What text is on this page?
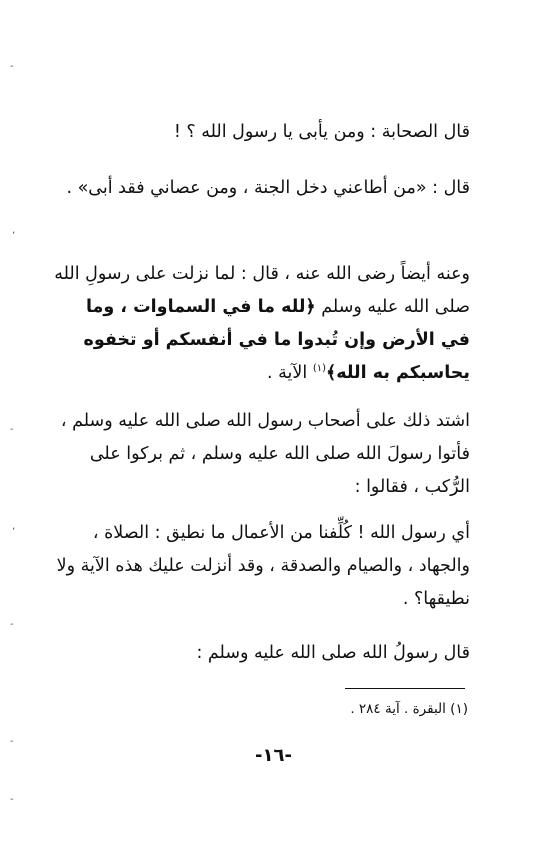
-
,
-
,
-
-
-

قال الصحابة : ومن يأبى يا رسول الله ؟ !

قال : «من أطاعني دخل الجنة ، ومن عصاني فقد أبى» .

وعنه أيضاً رضى الله عنه ، قال : لما نزلت على رسولِ الله صلى الله عليه وسلم ﴿لله ما في السماوات ، وما في الأرض وإن تُبدوا ما في أنفسكم أو تخفوه يحاسبكم به الله﴾$^{(١)}$ الآية .

اشتد ذلك على أصحاب رسول الله صلى الله عليه وسلم ، فأتوا رسولَ الله صلى الله عليه وسلم ، ثم بركوا على الرُّكب ، فقالوا :

أي رسول الله ! كُلِّفنا من الأعمال ما نطيق : الصلاة ، والجهاد ، والصيام والصدقة ، وقد أنزلت عليك هذه الآية ولا نطيقها؟ .

قال رسولُ الله صلى الله عليه وسلم :

(١) البقرة . آية ٢٨٤ .
-١٦-
